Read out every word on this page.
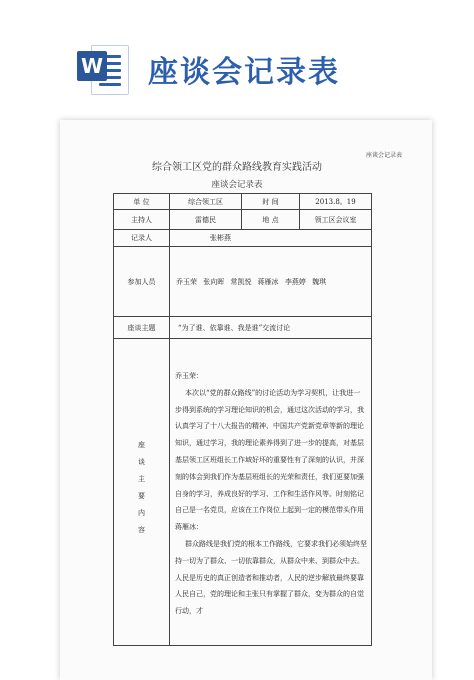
W 座谈会记录表
座谈会记录表
综合领工区党的群众路线教育实践活动
座谈会记录表
单 位	综合领工区	时 间	2013.8。19
主持人	雷德民	地 点	领工区会议室
记录人	张彬燕		
参加人员	乔玉荣 张向晖 常凯悦 蒋雁冰 李燕婷 魏琪		
座谈主题	“为了谁、依靠谁、我是谁”交流讨论		
座谈主要内容	乔玉荣：
本次以“党的群众路线”的讨论活动为学习契机，让我进一步得到系统的学习理论知识的机会，通过这次活动的学习，我认真学习了十八大报告的精神、中国共产党新党章等新的理论知识，通过学习，我的理论素养得到了进一步的提高，对基层基层领工区班组长工作域好坏的重要性有了深刻的认识，并深刻的体会到我们作为基层班组长的光荣和责任，我们更要加强自身的学习，养成良好的学习、工作和生活作风等。时刻铭记自己是一名党员，应该在工作岗位上起到一定的模范带头作用
蒋雁冰：
群众路线是我们党的根本工作路线，它要求我们必须始终坚持一切为了群众、一切依靠群众，从群众中来、到群众中去。人民是历史的真正创造者和推动者，人民的逆步解放最终要靠人民自己，党的理论和主张只有掌握了群众，变为群众的自觉行动，才		
